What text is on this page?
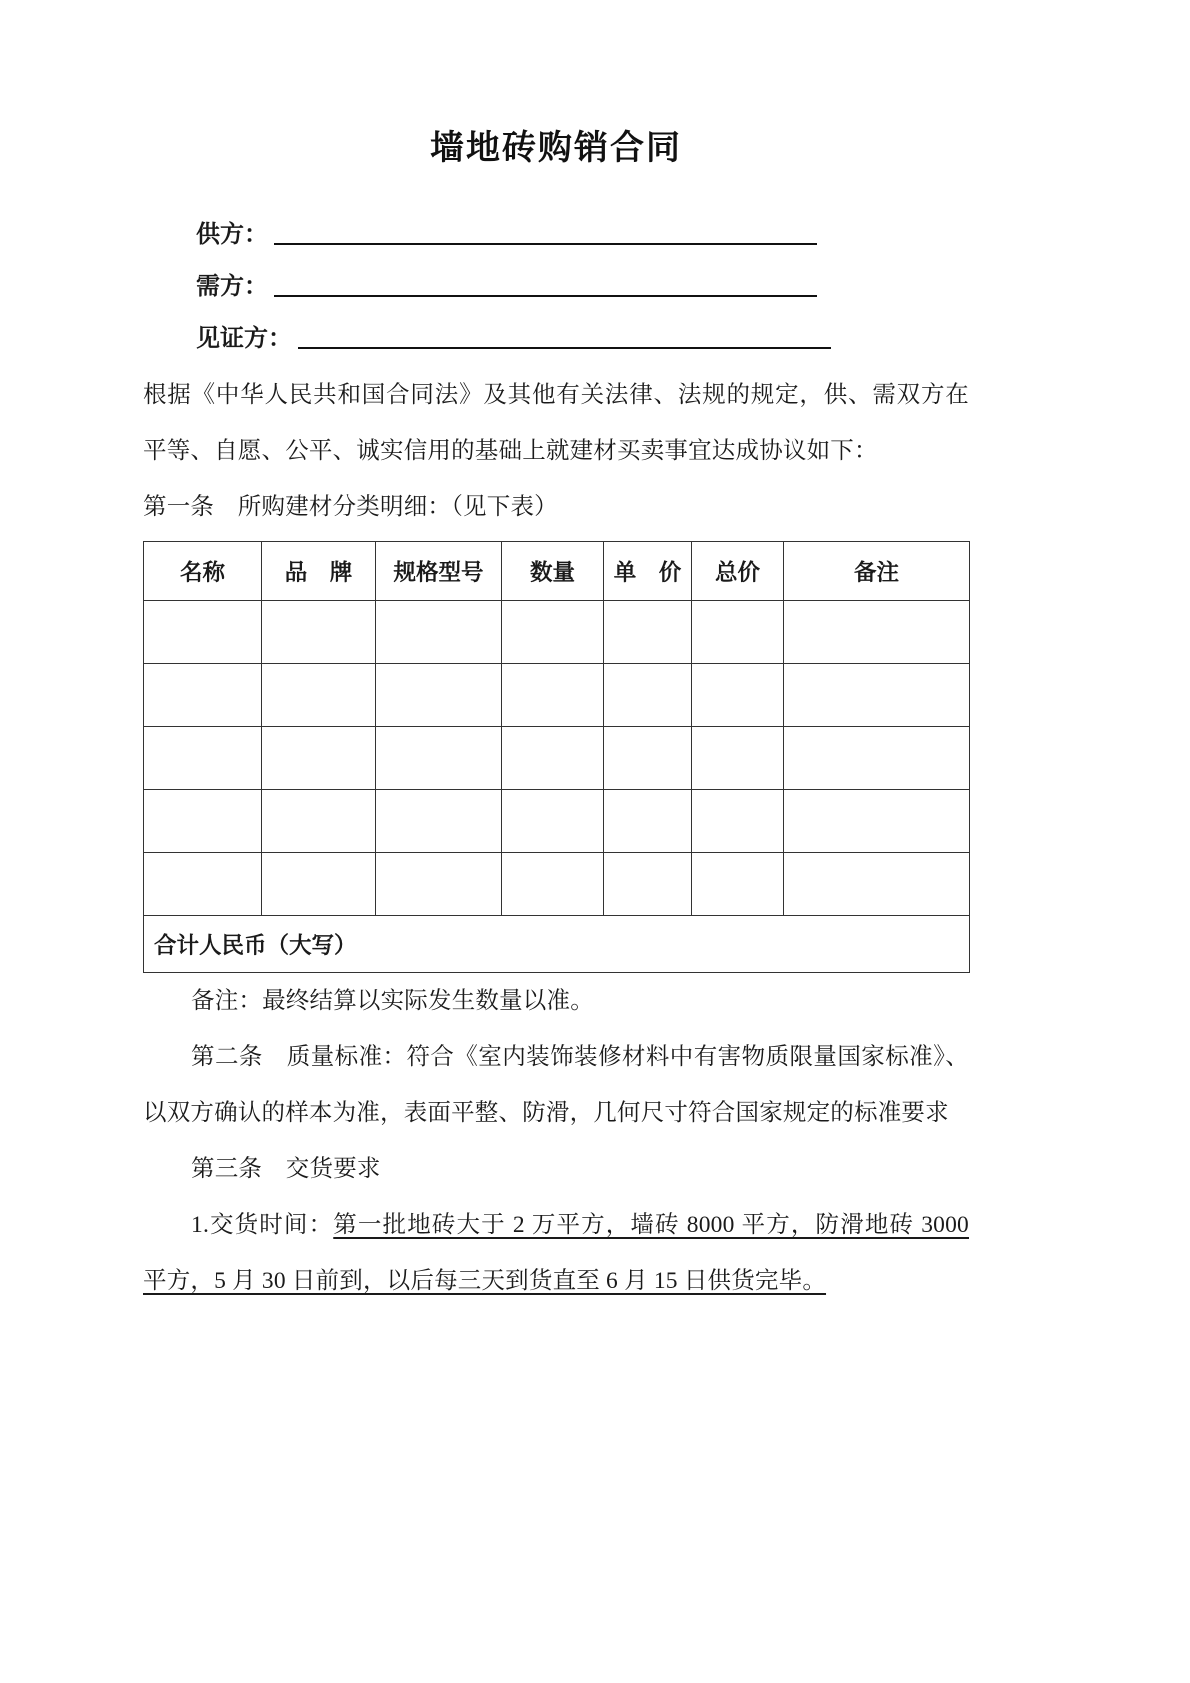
墙地砖购销合同
供方：
需方：
见证方：

根据《中华人民共和国合同法》及其他有关法律、法规的规定，供、需双方在平等、自愿、公平、诚实信用的基础上就建材买卖事宜达成协议如下：

第一条　所购建材分类明细：（见下表）

名称	品　牌	规格型号	数量	单　价	总价	备注

合计人民币（大写）						

备注：最终结算以实际发生数量以准。

第二条　质量标准：符合《室内装饰装修材料中有害物质限量国家标准》、以双方确认的样本为准，表面平整、防滑，几何尺寸符合国家规定的标准要求

第三条　交货要求

1.交货时间：第一批地砖大于 2 万平方，墙砖 8000 平方，防滑地砖 3000 平方，5 月 30 日前到，以后每三天到货直至 6 月 15 日供货完毕。
